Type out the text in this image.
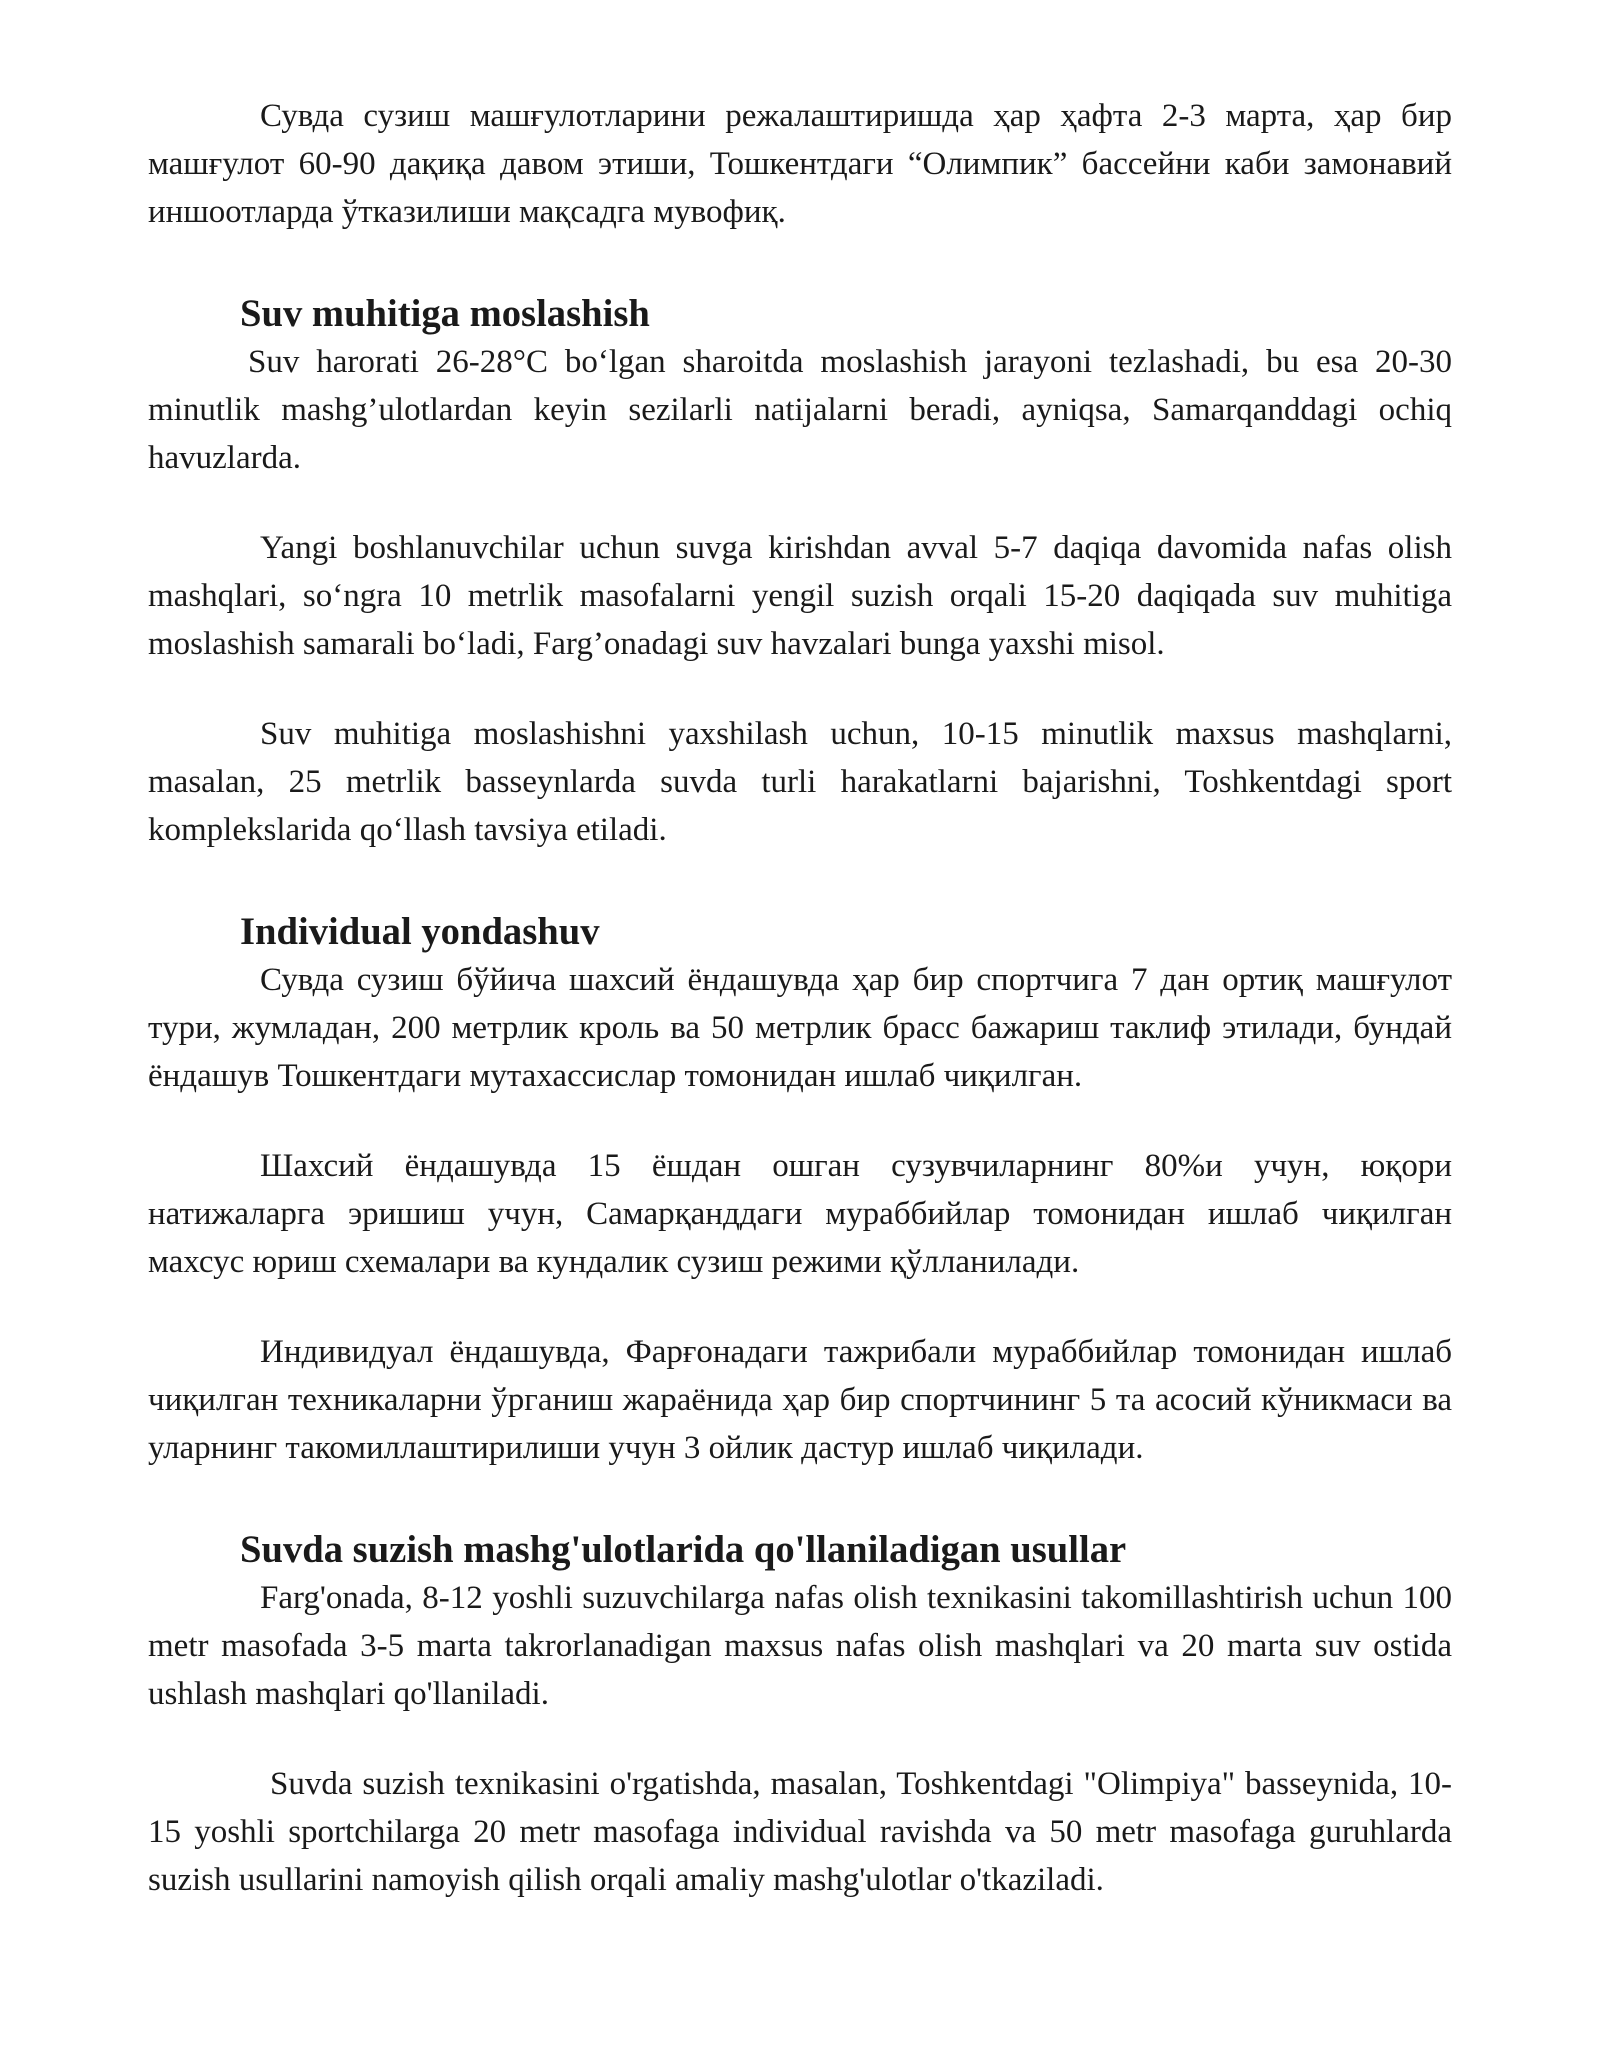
Сувда сузиш машғулотларини режалаштиришда ҳар ҳафта 2-3 марта, ҳар бир машғулот 60-90 дақиқа давом этиши, Тошкентдаги “Олимпик” бассейни каби замонавий иншоотларда ўтказилиши мақсадга мувофиқ.

Suv muhitiga moslashish

Suv harorati 26-28°C boʻlgan sharoitda moslashish jarayoni tezlashadi, bu esa 20-30 minutlik mashg’ulotlardan keyin sezilarli natijalarni beradi, ayniqsa, Samarqanddagi ochiq havuzlarda.

Yangi boshlanuvchilar uchun suvga kirishdan avval 5-7 daqiqa davomida nafas olish mashqlari, soʻngra 10 metrlik masofalarni yengil suzish orqali 15-20 daqiqada suv muhitiga moslashish samarali boʻladi, Farg’onadagi suv havzalari bunga yaxshi misol.

Suv muhitiga moslashishni yaxshilash uchun, 10-15 minutlik maxsus mashqlarni, masalan, 25 metrlik basseynlarda suvda turli harakatlarni bajarishni, Toshkentdagi sport komplekslarida qoʻllash tavsiya etiladi.

Individual yondashuv

Сувда сузиш бўйича шахсий ёндашувда ҳар бир спортчига 7 дан ортиқ машғулот тури, жумладан, 200 метрлик кроль ва 50 метрлик брасс бажариш таклиф этилади, бундай ёндашув Тошкентдаги мутахассислар томонидан ишлаб чиқилган.

Шахсий ёндашувда 15 ёшдан ошган сузувчиларнинг 80%и учун, юқори натижаларга эришиш учун, Самарқанддаги мураббийлар томонидан ишлаб чиқилган махсус юриш схемалари ва кундалик сузиш режими қўлланилади.

Индивидуал ёндашувда, Фарғонадаги тажрибали мураббийлар томонидан ишлаб чиқилган техникаларни ўрганиш жараёнида ҳар бир спортчининг 5 та асосий кўникмаси ва уларнинг такомиллаштирилиши учун 3 ойлик дастур ишлаб чиқилади.

Suvda suzish mashg'ulotlarida qo'llaniladigan usullar

Farg'onada, 8-12 yoshli suzuvchilarga nafas olish texnikasini takomillashtirish uchun 100 metr masofada 3-5 marta takrorlanadigan maxsus nafas olish mashqlari va 20 marta suv ostida ushlash mashqlari qo'llaniladi.

Suvda suzish texnikasini o'rgatishda, masalan, Toshkentdagi "Olimpiya" basseynida, 10-15 yoshli sportchilarga 20 metr masofaga individual ravishda va 50 metr masofaga guruhlarda suzish usullarini namoyish qilish orqali amaliy mashg'ulotlar o'tkaziladi.
